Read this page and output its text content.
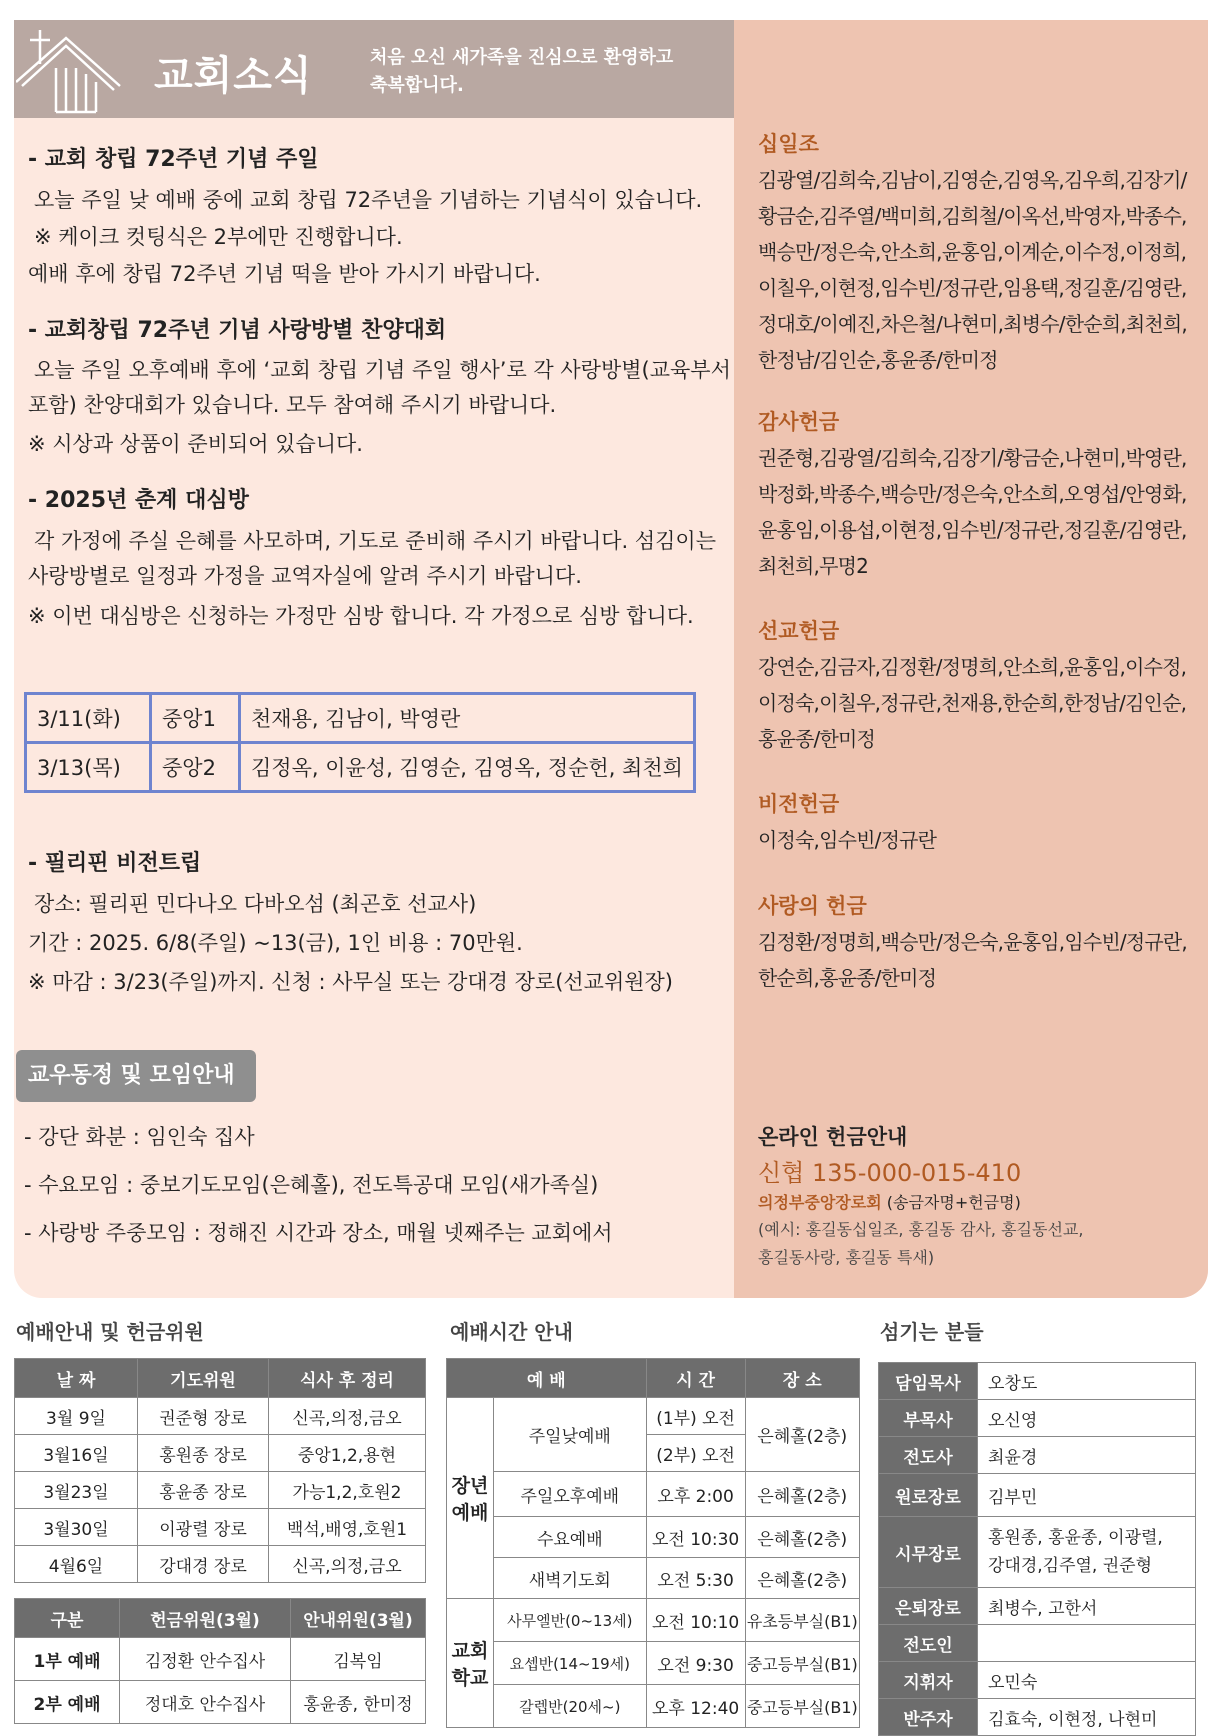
교회소식	처음 오신 새가족을 진심으로 환영하고
축복합니다.
- 교회 창립 72주년 기념 주일
오늘 주일 낮 예배 중에 교회 창립 72주년을 기념하는 기념식이 있습니다.
※ 케이크 컷팅식은 2부에만 진행합니다.
예배 후에 창립 72주년 기념 떡을 받아 가시기 바랍니다.
- 교회창립 72주년 기념 사랑방별 찬양대회
오늘 주일 오후예배 후에 ‘교회 창립 기념 주일 행사’로 각 사랑방별(교육부서
포함) 찬양대회가 있습니다. 모두 참여해 주시기 바랍니다.
※ 시상과 상품이 준비되어 있습니다.
- 2025년 춘계 대심방
각 가정에 주실 은혜를 사모하며, 기도로 준비해 주시기 바랍니다. 섬김이는
사랑방별로 일정과 가정을 교역자실에 알려 주시기 바랍니다.
※ 이번 대심방은 신청하는 가정만 심방 합니다. 각 가정으로 심방 합니다.
3/11(화)	중앙1	천재용, 김남이, 박영란
3/13(목)	중앙2	김정옥, 이윤성, 김영순, 김영옥, 정순헌, 최천희
- 필리핀 비전트립
장소: 필리핀 민다나오 다바오섬 (최곤호 선교사)
기간 : 2025. 6/8(주일) ~13(금), 1인 비용 : 70만원.
※ 마감 : 3/23(주일)까지. 신청 : 사무실 또는 강대경 장로(선교위원장)
교우동정 및 모임안내
- 강단 화분 : 임인숙 집사
- 수요모임 : 중보기도모임(은혜홀), 전도특공대 모임(새가족실)
- 사랑방 주중모임 : 정해진 시간과 장소, 매월 넷째주는 교회에서
십일조
김광열/김희숙,김남이,김영순,김영옥,김우희,김장기/황금순,김주열/백미희,김희철/이옥선,박영자,박종수,백승만/정은숙,안소희,윤홍임,이계순,이수정,이정희,이칠우,이현정,임수빈/정규란,임용택,정길훈/김영란,정대호/이예진,차은철/나현미,최병수/한순희,최천희,한정남/김인순,홍윤종/한미정
감사헌금
권준형,김광열/김희숙,김장기/황금순,나현미,박영란,박정화,박종수,백승만/정은숙,안소희,오영섭/안영화,윤홍임,이용섭,이현정,임수빈/정규란,정길훈/김영란,최천희,무명2
선교헌금
강연순,김금자,김정환/정명희,안소희,윤홍임,이수정,이정숙,이칠우,정규란,천재용,한순희,한정남/김인순,홍윤종/한미정
비전헌금
이정숙,임수빈/정규란
사랑의 헌금
김정환/정명희,백승만/정은숙,윤홍임,임수빈/정규란,한순희,홍윤종/한미정
온라인 헌금안내
신협 135-000-015-410
의정부중앙장로회 (송금자명+헌금명)
(예시: 홍길동십일조, 홍길동 감사, 홍길동선교,
홍길동사랑, 홍길동 특새)
예배안내 및 헌금위원
날 짜	기도위원	식사 후 정리
3월 9일	권준형 장로	신곡,의정,금오
3월16일	홍원종 장로	중앙1,2,용현
3월23일	홍윤종 장로	가능1,2,호원2
3월30일	이광렬 장로	백석,배영,호원1
4월6일	강대경 장로	신곡,의정,금오
구분	헌금위원(3월)	안내위원(3월)
1부 예배	김정환 안수집사	김복임
2부 예배	정대호 안수집사	홍윤종, 한미정
예배시간 안내
예 배		시 간	장 소
장년
예배	주일낮예배	(1부) 오전	은혜홀(2층)
		(2부) 오전	
	주일오후예배	오후 2:00	은혜홀(2층)
	수요예배	오전 10:30	은혜홀(2층)
	새벽기도회	오전 5:30	은혜홀(2층)
교회
학교	사무엘반(0~13세)	오전 10:10	유초등부실(B1)
	요셉반(14~19세)	오전 9:30	중고등부실(B1)
	갈렙반(20세~)	오후 12:40	중고등부실(B1)
섬기는 분들
담임목사	오창도
부목사	오신영
전도사	최윤경
원로장로	김부민
시무장로	홍원종, 홍윤종, 이광렬,
강대경,김주열, 권준형
은퇴장로	최병수, 고한서
전도인	
지휘자	오민숙
반주자	김효숙, 이현정, 나현미
